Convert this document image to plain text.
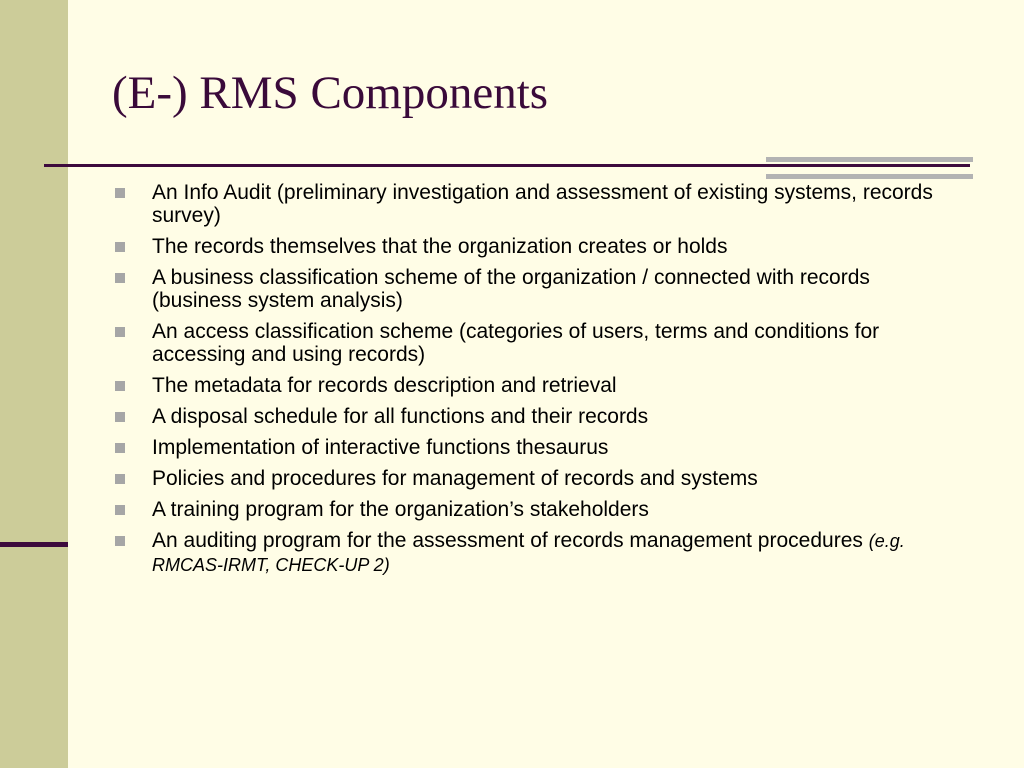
(E-) RMS Components
An Info Audit (preliminary investigation and assessment of existing systems, records survey)
The records themselves that the organization creates or holds
A business classification scheme of the organization / connected with records (business system analysis)
An access classification scheme (categories of users, terms and conditions for accessing and using records)
The metadata for records description and retrieval
A disposal schedule for all functions and their records
Implementation of interactive functions thesaurus
Policies and procedures for management of records and systems
A training program for the organization’s stakeholders
An auditing program for the assessment of records management procedures (e.g. RMCAS-IRMT, CHECK-UP 2)
